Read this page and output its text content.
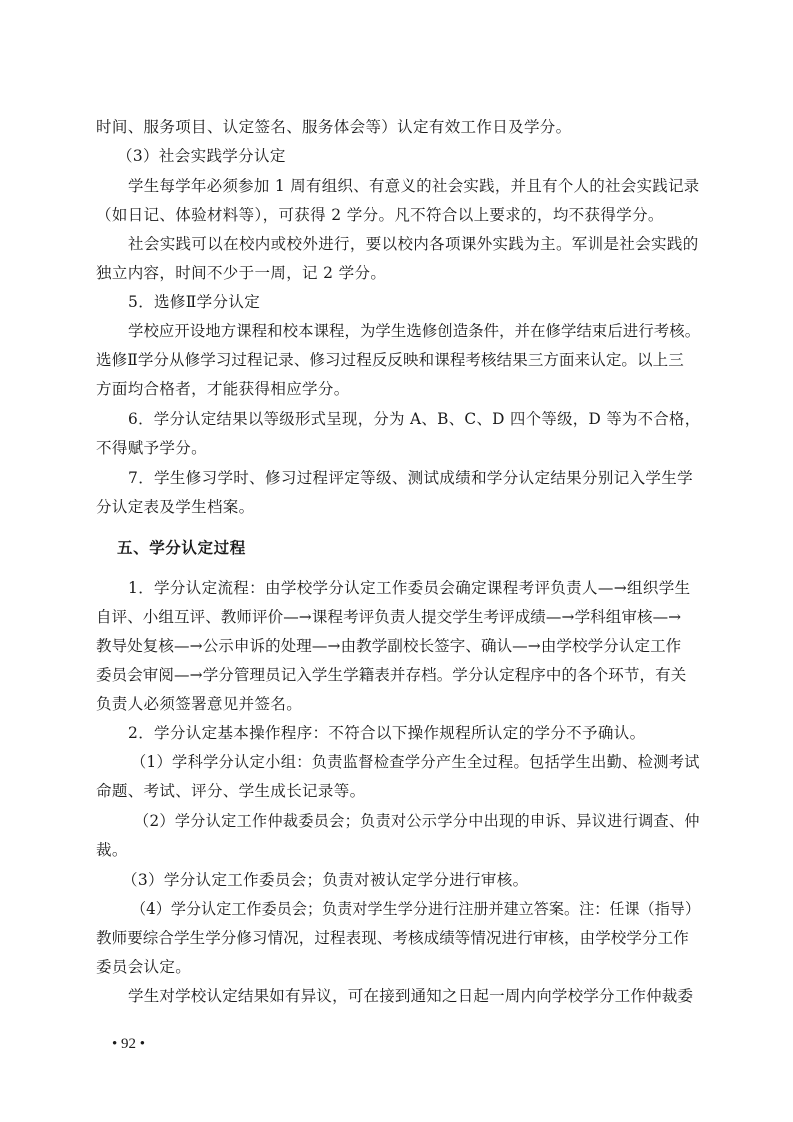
时间、服务项目、认定签名、服务体会等）认定有效工作日及学分。
（3）社会实践学分认定
学生每学年必须参加 1 周有组织、有意义的社会实践，并且有个人的社会实践记录
（如日记、体验材料等），可获得 2 学分。凡不符合以上要求的，均不获得学分。
社会实践可以在校内或校外进行，要以校内各项课外实践为主。军训是社会实践的
独立内容，时间不少于一周，记 2 学分。
5．选修Ⅱ学分认定
学校应开设地方课程和校本课程，为学生选修创造条件，并在修学结束后进行考核。
选修Ⅱ学分从修学习过程记录、修习过程反反映和课程考核结果三方面来认定。以上三
方面均合格者，才能获得相应学分。
6．学分认定结果以等级形式呈现，分为 A、B、C、D 四个等级，D 等为不合格，
不得赋予学分。
7．学生修习学时、修习过程评定等级、测试成绩和学分认定结果分别记入学生学
分认定表及学生档案。
五、学分认定过程
1．学分认定流程：由学校学分认定工作委员会确定课程考评负责人—→组织学生
自评、小组互评、教师评价—→课程考评负责人提交学生考评成绩—→学科组审核—→
教导处复核—→公示申诉的处理—→由教学副校长签字、确认—→由学校学分认定工作
委员会审阅—→学分管理员记入学生学籍表并存档。学分认定程序中的各个环节，有关
负责人必须签署意见并签名。
2．学分认定基本操作程序：不符合以下操作规程所认定的学分不予确认。
（1）学科学分认定小组：负责监督检查学分产生全过程。包括学生出勤、检测考试
命题、考试、评分、学生成长记录等。
（2）学分认定工作仲裁委员会；负责对公示学分中出现的申诉、异议进行调查、仲
裁。
（3）学分认定工作委员会；负责对被认定学分进行审核。
（4）学分认定工作委员会；负责对学生学分进行注册并建立答案。注：任课（指导）
教师要综合学生学分修习情况，过程表现、考核成绩等情况进行审核，由学校学分工作
委员会认定。
学生对学校认定结果如有异议，可在接到通知之日起一周内向学校学分工作仲裁委
• 92 •
